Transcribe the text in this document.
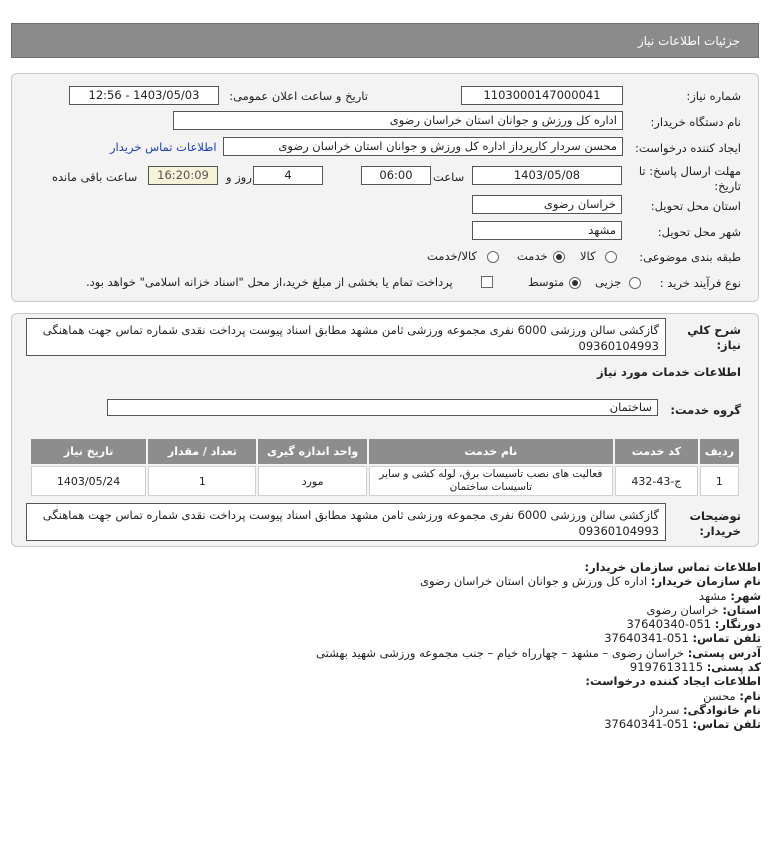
جزئیات اطلاعات نیاز
شماره نیاز:
1103000147000041
تاریخ و ساعت اعلان عمومی:
1403/05/03 - 12:56
نام دستگاه خریدار:
اداره کل ورزش و جوانان استان خراسان رضوی
ایجاد کننده درخواست:
محسن سردار کارپرداز اداره کل ورزش و جوانان استان خراسان رضوی
اطلاعات تماس خریدار
مهلت ارسال پاسخ: تا
تاریخ:
1403/05/08
ساعت
06:00
4
روز و
16:20:09
ساعت باقی مانده
استان محل تحویل:
خراسان رضوی
شهر محل تحویل:
مشهد
طبقه بندی موضوعی:
کالا
خدمت
کالا/خدمت
نوع فرآیند خرید :
جزیی
متوسط
پرداخت تمام یا بخشی از مبلغ خرید،از محل "اسناد خزانه اسلامی" خواهد بود.
شرح کلي
نیاز:
گازکشی سالن ورزشی 6000 نفری مجموعه ورزشی ثامن مشهد مطابق اسناد پیوست پرداخت نقدی شماره تماس جهت هماهنگی 09360104993
اطلاعات خدمات مورد نیاز
گروه خدمت:
ساختمان
ردیف	کد خدمت	نام خدمت	واحد اندازه گیری	تعداد / مقدار	تاریخ نیاز
1	ج-43-432	فعالیت های نصب تاسیسات برق، لوله کشی و سایر تاسیسات ساختمان	مورد	1	1403/05/24
توضیحات
خریدار:
گازکشی سالن ورزشی 6000 نفری مجموعه ورزشی ثامن مشهد مطابق اسناد پیوست پرداخت نقدی شماره تماس جهت هماهنگی 09360104993
اطلاعات تماس سازمان خریدار:
نام سازمان خریدار: اداره کل ورزش و جوانان استان خراسان رضوی
شهر: مشهد
استان: خراسان رضوی
دورنگار: 051-37640340
تلفن تماس: 051-37640341
آدرس پستی: خراسان رضوی – مشهد – چهارراه خیام – جنب مجموعه ورزشی شهید بهشتی
کد پستی: 9197613115
اطلاعات ایجاد کننده درخواست:
نام: محسن
نام خانوادگی: سردار
تلفن تماس: 051-37640341
